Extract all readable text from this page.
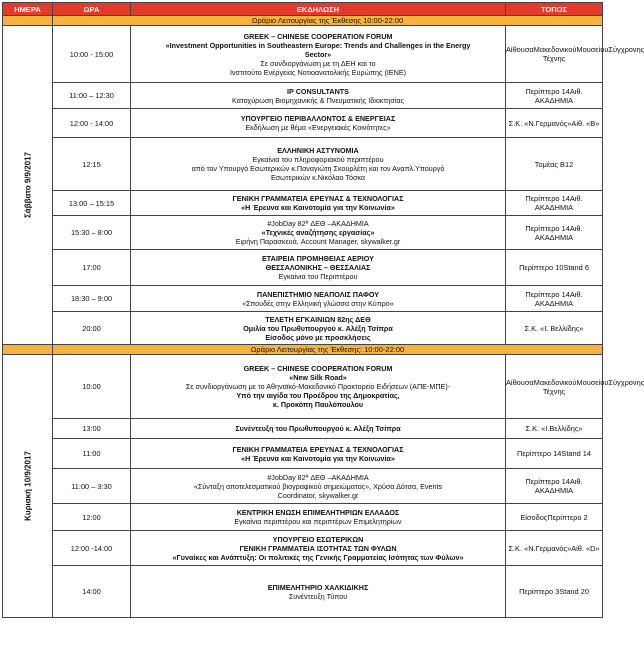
ΗΜΕΡΑ	ΩΡΑ	ΕΚΔΗΛΩΣΗ	ΤΟΠΟΣ
	Ωράριο Λειτουργίας της Έκθεσης 10:00-22:00		

Σάββατο 9/9/2017	10:00 - 15:00	GREEK – CHINESE COOPERATION FORUM
«Investment Opportunities in Southeastern Europe: Trends and Challenges in the Energy
Sector»
Σε συνδιοργάνωση με τη ΔΕΗ και το
Ινστιτούτο Ενέργειας Νοτιοανατολικής Ευρώπης (ΙΕΝΕ)	ΑίθουσαΜακεδονικούΜουσείουΣύγχρονης Τέχνης
	11:00 – 12:30	IP CONSULTANTS
Κατοχύρωση Βιομηχανικής & Πνευματικής Ιδιοκτησίας	Περίπτερο 14Αιθ. ΑΚΑΔΗΜΙΑ
	12:00 - 14:00	ΥΠΟΥΡΓΕΙΟ ΠΕΡΙΒΑΛΛΟΝΤΟΣ & ΕΝΕΡΓΕΙΑΣ
Εκδήλωση με θέμα «Ενεργειακές Κοινότητες»	Σ.Κ. «Ν.Γερμανός»Αίθ. «Β»
	12:15	ΕΛΛΗΝΙΚΗ ΑΣΤΥΝΟΜΙΑ
Εγκαίνια του πληροφοριακού περιπτέρου
από τον Υπουργό Εσωτερικών κ.Παναγιώτη Σκουρλέτη και τον Αναπλ.Υπουργό
Εσωτερικών κ.Νικόλαο Τόσκα	Τομέας Β12
	13:00 – 15:15	ΓΕΝΙΚΗ ΓΡΑΜΜΑΤΕΙΑ ΕΡΕΥΝΑΣ & ΤΕΧΝΟΛΟΓΙΑΣ
«Η Έρευνα και Καινοτομία για την Κοινωνία»	Περίπτερο 14Αιθ. ΑΚΑΔΗΜΙΑ
	15:30 – 8:00	#JobDay 82ª ΔΕΘ –ΑΚΑΔΗΜΙΑ
«Τεχνικές αναζήτησης εργασίας»
Ειρήνη Παρασκευά, Account Manager, skywalker.gr	Περίπτερο 14Αιθ. ΑΚΑΔΗΜΙΑ
	17:00	ΕΤΑΙΡΕΙΑ ΠΡΟΜΗΘΕΙΑΣ ΑΕΡΙΟΥ
ΘΕΣΣΑΛΟΝΙΚΗΣ – ΘΕΣΣΑΛΙΑΣ
Εγκαίνια του Περιπτέρου	Περίπτερο 10Stand 6
	18:30 – 9:00	ΠΑΝΕΠΙΣΤΗΜΙΟ ΝΕΑΠΟΛΙΣ ΠΑΦΟΥ
«Σπουδές στην Ελληνική γλώσσα στην Κύπρο»	Περίπτερο 14Αιθ. ΑΚΑΔΗΜΙΑ
	20:00	ΤΕΛΕΤΗ ΕΓΚΑΙΝΙΩΝ 82ης ΔΕΘ
Ομιλία του Πρωθυπουργού κ. Αλέξη Τσίπρα
Είσοδος μόνο με προσκλήσεις	Σ.Κ. «Ι. Βελλίδης»
	Ωράριο Λειτουργίας της Έκθεσης: 10:00-22:00		

Κυριακή 10/9/2017	10:00	GREEK – CHINESE COOPERATION FORUM
«New Silk Road»
Σε συνδιοργάνωση με το Αθηναϊκό-Μακεδονικό Πρακτορείο Ειδήσεων (ΑΠΕ-ΜΠΕ)-
Υπό την αιγίδα του Προέδρου της Δημοκρατίας,
κ. Προκόπη Παυλόπουλου	ΑίθουσαΜακεδονικούΜουσείουΣύγχρονης Τέχνης
	13:00	Συνέντευξη του Πρωθυπουργού κ. Αλέξη Τσίπρα	Σ.Κ. «Ι.Βελλίδης»
	11:00	ΓΕΝΙΚΗ ΓΡΑΜΜΑΤΕΙΑ ΕΡΕΥΝΑΣ & ΤΕΧΝΟΛΟΓΙΑΣ
«Η Έρευνα και Καινοτομία για την Κοινωνία»	Περίπτερο 14Stand 14
	11:00 – 3:30	#JobDay 82ª ΔΕΘ –ΑΚΑΔΗΜΙΑ
«Σύνταξη αποτελεσματικού βιογραφικού σημειώματος», Χρύσα Δότσα, Events
Coordinator, skywalker.gr	Περίπτερο 14Αιθ. ΑΚΑΔΗΜΙΑ
	12:00	ΚΕΝΤΡΙΚΗ ΕΝΩΣΗ ΕΠΙΜΕΛΗΤΗΡΙΩΝ ΕΛΛΑΔΟΣ
Εγκαίνια περιπτέρου και περιπτέρων Επιμελητηρίων	ΕίσοδοςΠερίπτερο 2
	12:00 -14:00	ΥΠΟΥΡΓΕΙΟ ΕΣΩΤΕΡΙΚΩΝ
ΓΕΝΙΚΗ ΓΡΑΜΜΑΤΕΙΑ ΙΣΟΤΗΤΑΣ ΤΩΝ ΦΥΛΩΝ
«Γυναίκες και Ανάπτυξη: Οι πολιτικές της Γενικής Γραμματείας Ισότητας των Φύλων»	Σ.Κ. «Ν.Γερμανός»Αίθ. «D»
	14:00	ΕΠΙΜΕΛΗΤΗΡΙΟ ΧΑΛΚΙΔΙΚΗΣ
Συνέντευξη Τύπου	Περίπτερο 3Stand 20
